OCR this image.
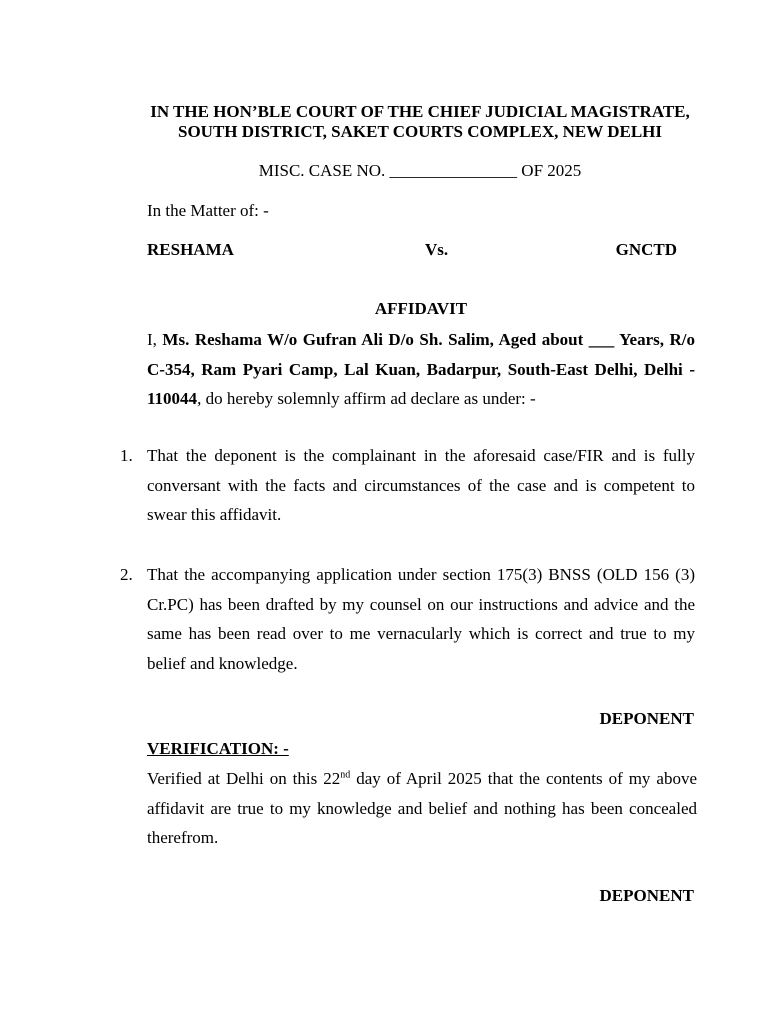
IN THE HON’BLE COURT OF THE CHIEF JUDICIAL MAGISTRATE, SOUTH DISTRICT, SAKET COURTS COMPLEX, NEW DELHI
MISC. CASE NO. _______________ OF 2025
In the Matter of: -
RESHAMA	Vs.	GNCTD
AFFIDAVIT
I, Ms. Reshama W/o Gufran Ali D/o Sh. Salim, Aged about ___ Years, R/o C-354, Ram Pyari Camp, Lal Kuan, Badarpur, South-East Delhi, Delhi - 110044, do hereby solemnly affirm ad declare as under: -
1. That the deponent is the complainant in the aforesaid case/FIR and is fully conversant with the facts and circumstances of the case and is competent to swear this affidavit.
2. That the accompanying application under section 175(3) BNSS (OLD 156 (3) Cr.PC) has been drafted by my counsel on our instructions and advice and the same has been read over to me vernacularly which is correct and true to my belief and knowledge.
DEPONENT
VERIFICATION: -
Verified at Delhi on this 22nd day of April 2025 that the contents of my above affidavit are true to my knowledge and belief and nothing has been concealed therefrom.
DEPONENT
